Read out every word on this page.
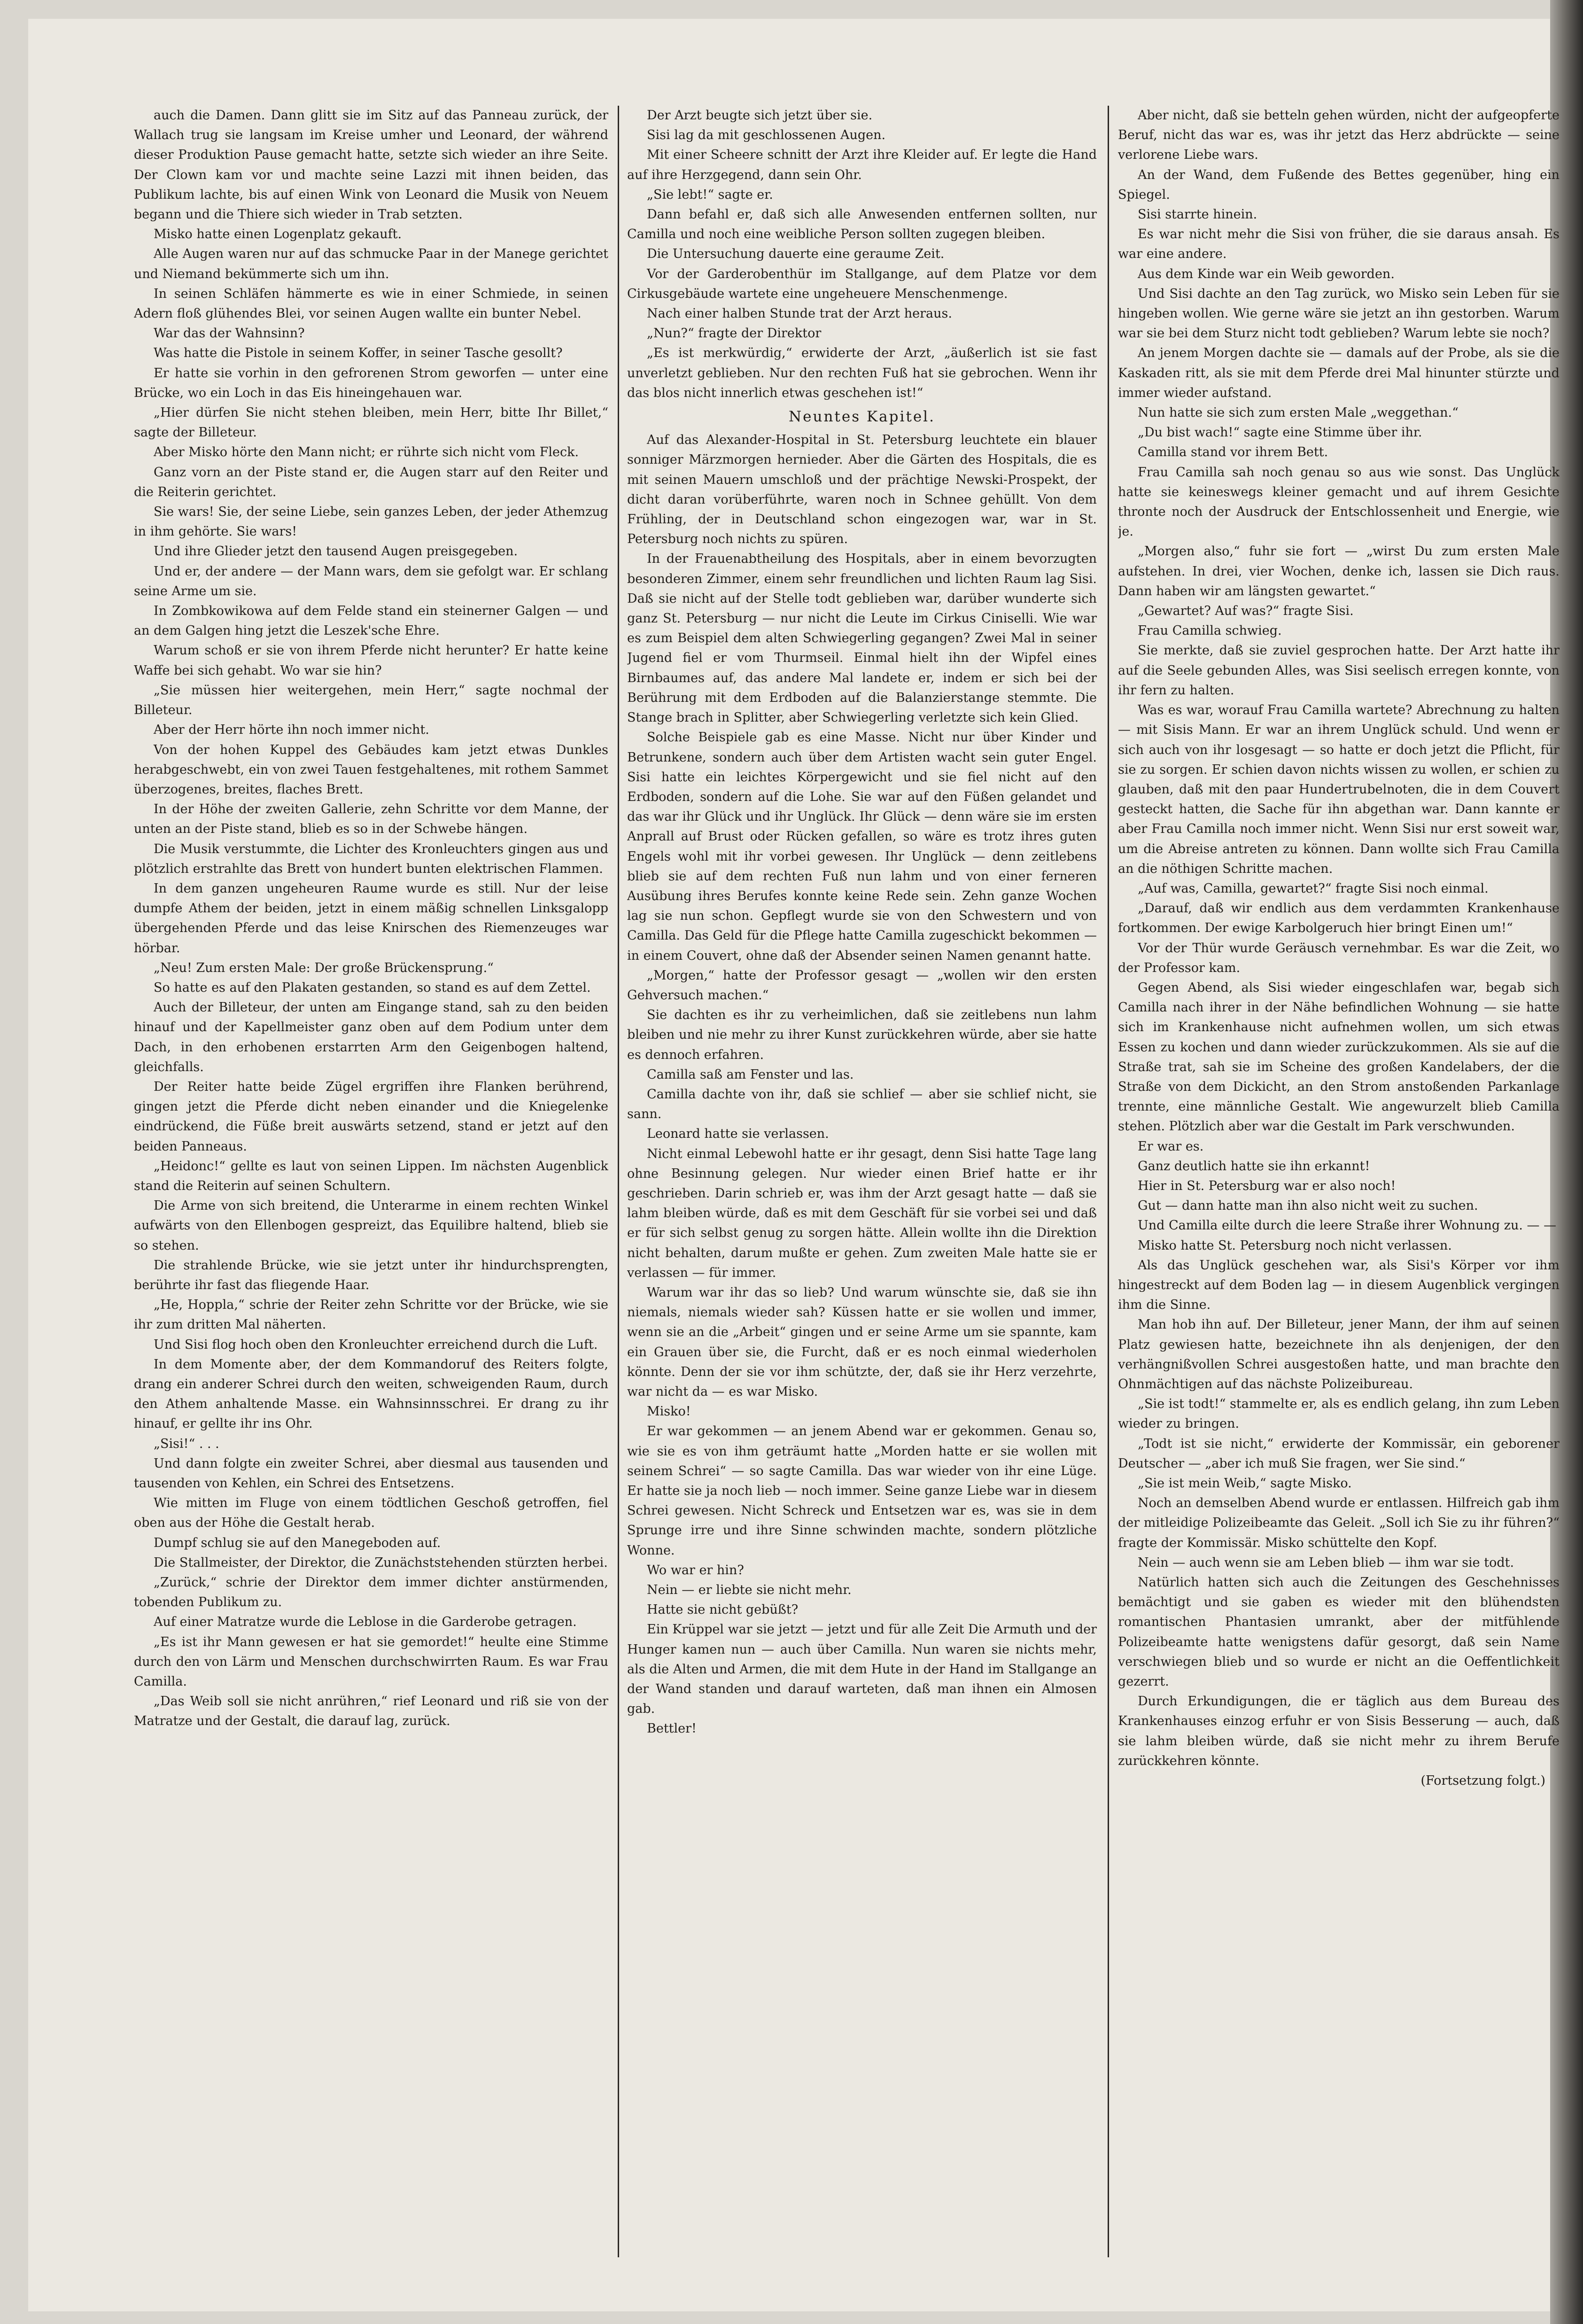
auch die Damen. Dann glitt sie im Sitz auf das Panneau zurück, der Wallach trug sie langsam im Kreise umher und Leonard, der während dieser Produktion Pause gemacht hatte, setzte sich wieder an ihre Seite. Der Clown kam vor und machte seine Lazzi mit ihnen beiden, das Publikum lachte, bis auf einen Wink von Leonard die Musik von Neuem begann und die Thiere sich wieder in Trab setzten.

Misko hatte einen Logenplatz gekauft.

Alle Augen waren nur auf das schmucke Paar in der Manege gerichtet und Niemand bekümmerte sich um ihn.

In seinen Schläfen hämmerte es wie in einer Schmiede, in seinen Adern floß glühendes Blei, vor seinen Augen wallte ein bunter Nebel.

War das der Wahnsinn?

Was hatte die Pistole in seinem Koffer, in seiner Tasche gesollt?

Er hatte sie vorhin in den gefrorenen Strom geworfen — unter eine Brücke, wo ein Loch in das Eis hineingehauen war.

„Hier dürfen Sie nicht stehen bleiben, mein Herr, bitte Ihr Billet,“ sagte der Billeteur.

Aber Misko hörte den Mann nicht; er rührte sich nicht vom Fleck.

Ganz vorn an der Piste stand er, die Augen starr auf den Reiter und die Reiterin gerichtet.

Sie wars! Sie, der seine Liebe, sein ganzes Leben, der jeder Athemzug in ihm gehörte. Sie wars!

Und ihre Glieder jetzt den tausend Augen preisgegeben.

Und er, der andere — der Mann wars, dem sie gefolgt war. Er schlang seine Arme um sie.

In Zombkowikowa auf dem Felde stand ein steinerner Galgen — und an dem Galgen hing jetzt die Leszek'sche Ehre.

Warum schoß er sie von ihrem Pferde nicht herunter? Er hatte keine Waffe bei sich gehabt. Wo war sie hin?

„Sie müssen hier weitergehen, mein Herr,“ sagte nochmal der Billeteur.

Aber der Herr hörte ihn noch immer nicht.

Von der hohen Kuppel des Gebäudes kam jetzt etwas Dunkles herabgeschwebt, ein von zwei Tauen festgehaltenes, mit rothem Sammet überzogenes, breites, flaches Brett.

In der Höhe der zweiten Gallerie, zehn Schritte vor dem Manne, der unten an der Piste stand, blieb es so in der Schwebe hängen.

Die Musik verstummte, die Lichter des Kronleuchters gingen aus und plötzlich erstrahlte das Brett von hundert bunten elektrischen Flammen.

In dem ganzen ungeheuren Raume wurde es still. Nur der leise dumpfe Athem der beiden, jetzt in einem mäßig schnellen Linksgalopp übergehenden Pferde und das leise Knirschen des Riemenzeuges war hörbar.

„Neu! Zum ersten Male: Der große Brückensprung.“

So hatte es auf den Plakaten gestanden, so stand es auf dem Zettel.

Auch der Billeteur, der unten am Eingange stand, sah zu den beiden hinauf und der Kapellmeister ganz oben auf dem Podium unter dem Dach, in den erhobenen erstarrten Arm den Geigenbogen haltend, gleichfalls.

Der Reiter hatte beide Zügel ergriffen ihre Flanken berührend, gingen jetzt die Pferde dicht neben einander und die Kniegelenke eindrückend, die Füße breit auswärts setzend, stand er jetzt auf den beiden Panneaus.

„Heidonc!“ gellte es laut von seinen Lippen. Im nächsten Augenblick stand die Reiterin auf seinen Schultern.

Die Arme von sich breitend, die Unterarme in einem rechten Winkel aufwärts von den Ellenbogen gespreizt, das Equilibre haltend, blieb sie so stehen.

Die strahlende Brücke, wie sie jetzt unter ihr hindurchsprengten, berührte ihr fast das fliegende Haar.

„He, Hoppla,“ schrie der Reiter zehn Schritte vor der Brücke, wie sie ihr zum dritten Mal näherten.

Und Sisi flog hoch oben den Kronleuchter erreichend durch die Luft.

In dem Momente aber, der dem Kommandoruf des Reiters folgte, drang ein anderer Schrei durch den weiten, schweigenden Raum, durch den Athem anhaltende Masse. ein Wahnsinnsschrei. Er drang zu ihr hinauf, er gellte ihr ins Ohr.

„Sisi!“ . . .

Und dann folgte ein zweiter Schrei, aber diesmal aus tausenden und tausenden von Kehlen, ein Schrei des Entsetzens.

Wie mitten im Fluge von einem tödtlichen Geschoß getroffen, fiel oben aus der Höhe die Gestalt herab.

Dumpf schlug sie auf den Manegeboden auf.

Die Stallmeister, der Direktor, die Zunächststehenden stürzten herbei.

„Zurück,“ schrie der Direktor dem immer dichter anstürmenden, tobenden Publikum zu.

Auf einer Matratze wurde die Leblose in die Garderobe getragen.

„Es ist ihr Mann gewesen er hat sie gemordet!“ heulte eine Stimme durch den von Lärm und Menschen durchschwirrten Raum. Es war Frau Camilla.

„Das Weib soll sie nicht anrühren,“ rief Leonard und riß sie von der Matratze und der Gestalt, die darauf lag, zurück.

Der Arzt beugte sich jetzt über sie.

Sisi lag da mit geschlossenen Augen.

Mit einer Scheere schnitt der Arzt ihre Kleider auf. Er legte die Hand auf ihre Herzgegend, dann sein Ohr.

„Sie lebt!“ sagte er.

Dann befahl er, daß sich alle Anwesenden entfernen sollten, nur Camilla und noch eine weibliche Person sollten zugegen bleiben.

Die Untersuchung dauerte eine geraume Zeit.

Vor der Garderobenthür im Stallgange, auf dem Platze vor dem Cirkusgebäude wartete eine ungeheuere Menschenmenge.

Nach einer halben Stunde trat der Arzt heraus.

„Nun?“ fragte der Direktor

„Es ist merkwürdig,“ erwiderte der Arzt, „äußerlich ist sie fast unverletzt geblieben. Nur den rechten Fuß hat sie gebrochen. Wenn ihr das blos nicht innerlich etwas geschehen ist!“

Neuntes Kapitel.

Auf das Alexander-Hospital in St. Petersburg leuchtete ein blauer sonniger Märzmorgen hernieder. Aber die Gärten des Hospitals, die es mit seinen Mauern umschloß und der prächtige Newski-Prospekt, der dicht daran vorüberführte, waren noch in Schnee gehüllt. Von dem Frühling, der in Deutschland schon eingezogen war, war in St. Petersburg noch nichts zu spüren.

In der Frauenabtheilung des Hospitals, aber in einem bevorzugten besonderen Zimmer, einem sehr freundlichen und lichten Raum lag Sisi. Daß sie nicht auf der Stelle todt geblieben war, darüber wunderte sich ganz St. Petersburg — nur nicht die Leute im Cirkus Ciniselli. Wie war es zum Beispiel dem alten Schwiegerling gegangen? Zwei Mal in seiner Jugend fiel er vom Thurmseil. Einmal hielt ihn der Wipfel eines Birnbaumes auf, das andere Mal landete er, indem er sich bei der Berührung mit dem Erdboden auf die Balanzierstange stemmte. Die Stange brach in Splitter, aber Schwiegerling verletzte sich kein Glied.

Solche Beispiele gab es eine Masse. Nicht nur über Kinder und Betrunkene, sondern auch über dem Artisten wacht sein guter Engel. Sisi hatte ein leichtes Körpergewicht und sie fiel nicht auf den Erdboden, sondern auf die Lohe. Sie war auf den Füßen gelandet und das war ihr Glück und ihr Unglück. Ihr Glück — denn wäre sie im ersten Anprall auf Brust oder Rücken gefallen, so wäre es trotz ihres guten Engels wohl mit ihr vorbei gewesen. Ihr Unglück — denn zeitlebens blieb sie auf dem rechten Fuß nun lahm und von einer ferneren Ausübung ihres Berufes konnte keine Rede sein. Zehn ganze Wochen lag sie nun schon. Gepflegt wurde sie von den Schwestern und von Camilla. Das Geld für die Pflege hatte Camilla zugeschickt bekommen — in einem Couvert, ohne daß der Absender seinen Namen genannt hatte.

„Morgen,“ hatte der Professor gesagt — „wollen wir den ersten Gehversuch machen.“

Sie dachten es ihr zu verheimlichen, daß sie zeitlebens nun lahm bleiben und nie mehr zu ihrer Kunst zurückkehren würde, aber sie hatte es dennoch erfahren.

Camilla saß am Fenster und las.

Camilla dachte von ihr, daß sie schlief — aber sie schlief nicht, sie sann.

Leonard hatte sie verlassen.

Nicht einmal Lebewohl hatte er ihr gesagt, denn Sisi hatte Tage lang ohne Besinnung gelegen. Nur wieder einen Brief hatte er ihr geschrieben. Darin schrieb er, was ihm der Arzt gesagt hatte — daß sie lahm bleiben würde, daß es mit dem Geschäft für sie vorbei sei und daß er für sich selbst genug zu sorgen hätte. Allein wollte ihn die Direktion nicht behalten, darum mußte er gehen. Zum zweiten Male hatte sie er verlassen — für immer.

Warum war ihr das so lieb? Und warum wünschte sie, daß sie ihn niemals, niemals wieder sah? Küssen hatte er sie wollen und immer, wenn sie an die „Arbeit“ gingen und er seine Arme um sie spannte, kam ein Grauen über sie, die Furcht, daß er es noch einmal wiederholen könnte. Denn der sie vor ihm schützte, der, daß sie ihr Herz verzehrte, war nicht da — es war Misko.

Misko!

Er war gekommen — an jenem Abend war er gekommen. Genau so, wie sie es von ihm geträumt hatte „Morden hatte er sie wollen mit seinem Schrei“ — so sagte Camilla. Das war wieder von ihr eine Lüge. Er hatte sie ja noch lieb — noch immer. Seine ganze Liebe war in diesem Schrei gewesen. Nicht Schreck und Entsetzen war es, was sie in dem Sprunge irre und ihre Sinne schwinden machte, sondern plötzliche Wonne.

Wo war er hin?

Nein — er liebte sie nicht mehr.

Hatte sie nicht gebüßt?

Ein Krüppel war sie jetzt — jetzt und für alle Zeit Die Armuth und der Hunger kamen nun — auch über Camilla. Nun waren sie nichts mehr, als die Alten und Armen, die mit dem Hute in der Hand im Stallgange an der Wand standen und darauf warteten, daß man ihnen ein Almosen gab.

Bettler!

Aber nicht, daß sie betteln gehen würden, nicht der aufgeopferte Beruf, nicht das war es, was ihr jetzt das Herz abdrückte — seine verlorene Liebe wars.

An der Wand, dem Fußende des Bettes gegenüber, hing ein Spiegel.

Sisi starrte hinein.

Es war nicht mehr die Sisi von früher, die sie daraus ansah. Es war eine andere.

Aus dem Kinde war ein Weib geworden.

Und Sisi dachte an den Tag zurück, wo Misko sein Leben für sie hingeben wollen. Wie gerne wäre sie jetzt an ihn gestorben. Warum war sie bei dem Sturz nicht todt geblieben? Warum lebte sie noch?

An jenem Morgen dachte sie — damals auf der Probe, als sie die Kaskaden ritt, als sie mit dem Pferde drei Mal hinunter stürzte und immer wieder aufstand.

Nun hatte sie sich zum ersten Male „weggethan.“

„Du bist wach!“ sagte eine Stimme über ihr.

Camilla stand vor ihrem Bett.

Frau Camilla sah noch genau so aus wie sonst. Das Unglück hatte sie keineswegs kleiner gemacht und auf ihrem Gesichte thronte noch der Ausdruck der Entschlossenheit und Energie, wie je.

„Morgen also,“ fuhr sie fort — „wirst Du zum ersten Male aufstehen. In drei, vier Wochen, denke ich, lassen sie Dich raus. Dann haben wir am längsten gewartet.“

„Gewartet? Auf was?“ fragte Sisi.

Frau Camilla schwieg.

Sie merkte, daß sie zuviel gesprochen hatte. Der Arzt hatte ihr auf die Seele gebunden Alles, was Sisi seelisch erregen konnte, von ihr fern zu halten.

Was es war, worauf Frau Camilla wartete? Abrechnung zu halten — mit Sisis Mann. Er war an ihrem Unglück schuld. Und wenn er sich auch von ihr losgesagt — so hatte er doch jetzt die Pflicht, für sie zu sorgen. Er schien davon nichts wissen zu wollen, er schien zu glauben, daß mit den paar Hundertrubelnoten, die in dem Couvert gesteckt hatten, die Sache für ihn abgethan war. Dann kannte er aber Frau Camilla noch immer nicht. Wenn Sisi nur erst soweit war, um die Abreise antreten zu können. Dann wollte sich Frau Camilla an die nöthigen Schritte machen.

„Auf was, Camilla, gewartet?“ fragte Sisi noch einmal.

„Darauf, daß wir endlich aus dem verdammten Krankenhause fortkommen. Der ewige Karbolgeruch hier bringt Einen um!“

Vor der Thür wurde Geräusch vernehmbar. Es war die Zeit, wo der Professor kam.

Gegen Abend, als Sisi wieder eingeschlafen war, begab sich Camilla nach ihrer in der Nähe befindlichen Wohnung — sie hatte sich im Krankenhause nicht aufnehmen wollen, um sich etwas Essen zu kochen und dann wieder zurückzukommen. Als sie auf die Straße trat, sah sie im Scheine des großen Kandelabers, der die Straße von dem Dickicht, an den Strom anstoßenden Parkanlage trennte, eine männliche Gestalt. Wie angewurzelt blieb Camilla stehen. Plötzlich aber war die Gestalt im Park verschwunden.

Er war es.

Ganz deutlich hatte sie ihn erkannt!

Hier in St. Petersburg war er also noch!

Gut — dann hatte man ihn also nicht weit zu suchen.

Und Camilla eilte durch die leere Straße ihrer Wohnung zu. — —

Misko hatte St. Petersburg noch nicht verlassen.

Als das Unglück geschehen war, als Sisi's Körper vor ihm hingestreckt auf dem Boden lag — in diesem Augenblick vergingen ihm die Sinne.

Man hob ihn auf. Der Billeteur, jener Mann, der ihm auf seinen Platz gewiesen hatte, bezeichnete ihn als denjenigen, der den verhängnißvollen Schrei ausgestoßen hatte, und man brachte den Ohnmächtigen auf das nächste Polizeibureau.

„Sie ist todt!“ stammelte er, als es endlich gelang, ihn zum Leben wieder zu bringen.

„Todt ist sie nicht,“ erwiderte der Kommissär, ein geborener Deutscher — „aber ich muß Sie fragen, wer Sie sind.“

„Sie ist mein Weib,“ sagte Misko.

Noch an demselben Abend wurde er entlassen. Hilfreich gab ihm der mitleidige Polizeibeamte das Geleit. „Soll ich Sie zu ihr führen?“ fragte der Kommissär. Misko schüttelte den Kopf.

Nein — auch wenn sie am Leben blieb — ihm war sie todt.

Natürlich hatten sich auch die Zeitungen des Geschehnisses bemächtigt und sie gaben es wieder mit den blühendsten romantischen Phantasien umrankt, aber der mitfühlende Polizeibeamte hatte wenigstens dafür gesorgt, daß sein Name verschwiegen blieb und so wurde er nicht an die Oeffentlichkeit gezerrt.

Durch Erkundigungen, die er täglich aus dem Bureau des Krankenhauses einzog erfuhr er von Sisis Besserung — auch, daß sie lahm bleiben würde, daß sie nicht mehr zu ihrem Berufe zurückkehren könnte.

(Fortsetzung folgt.)
